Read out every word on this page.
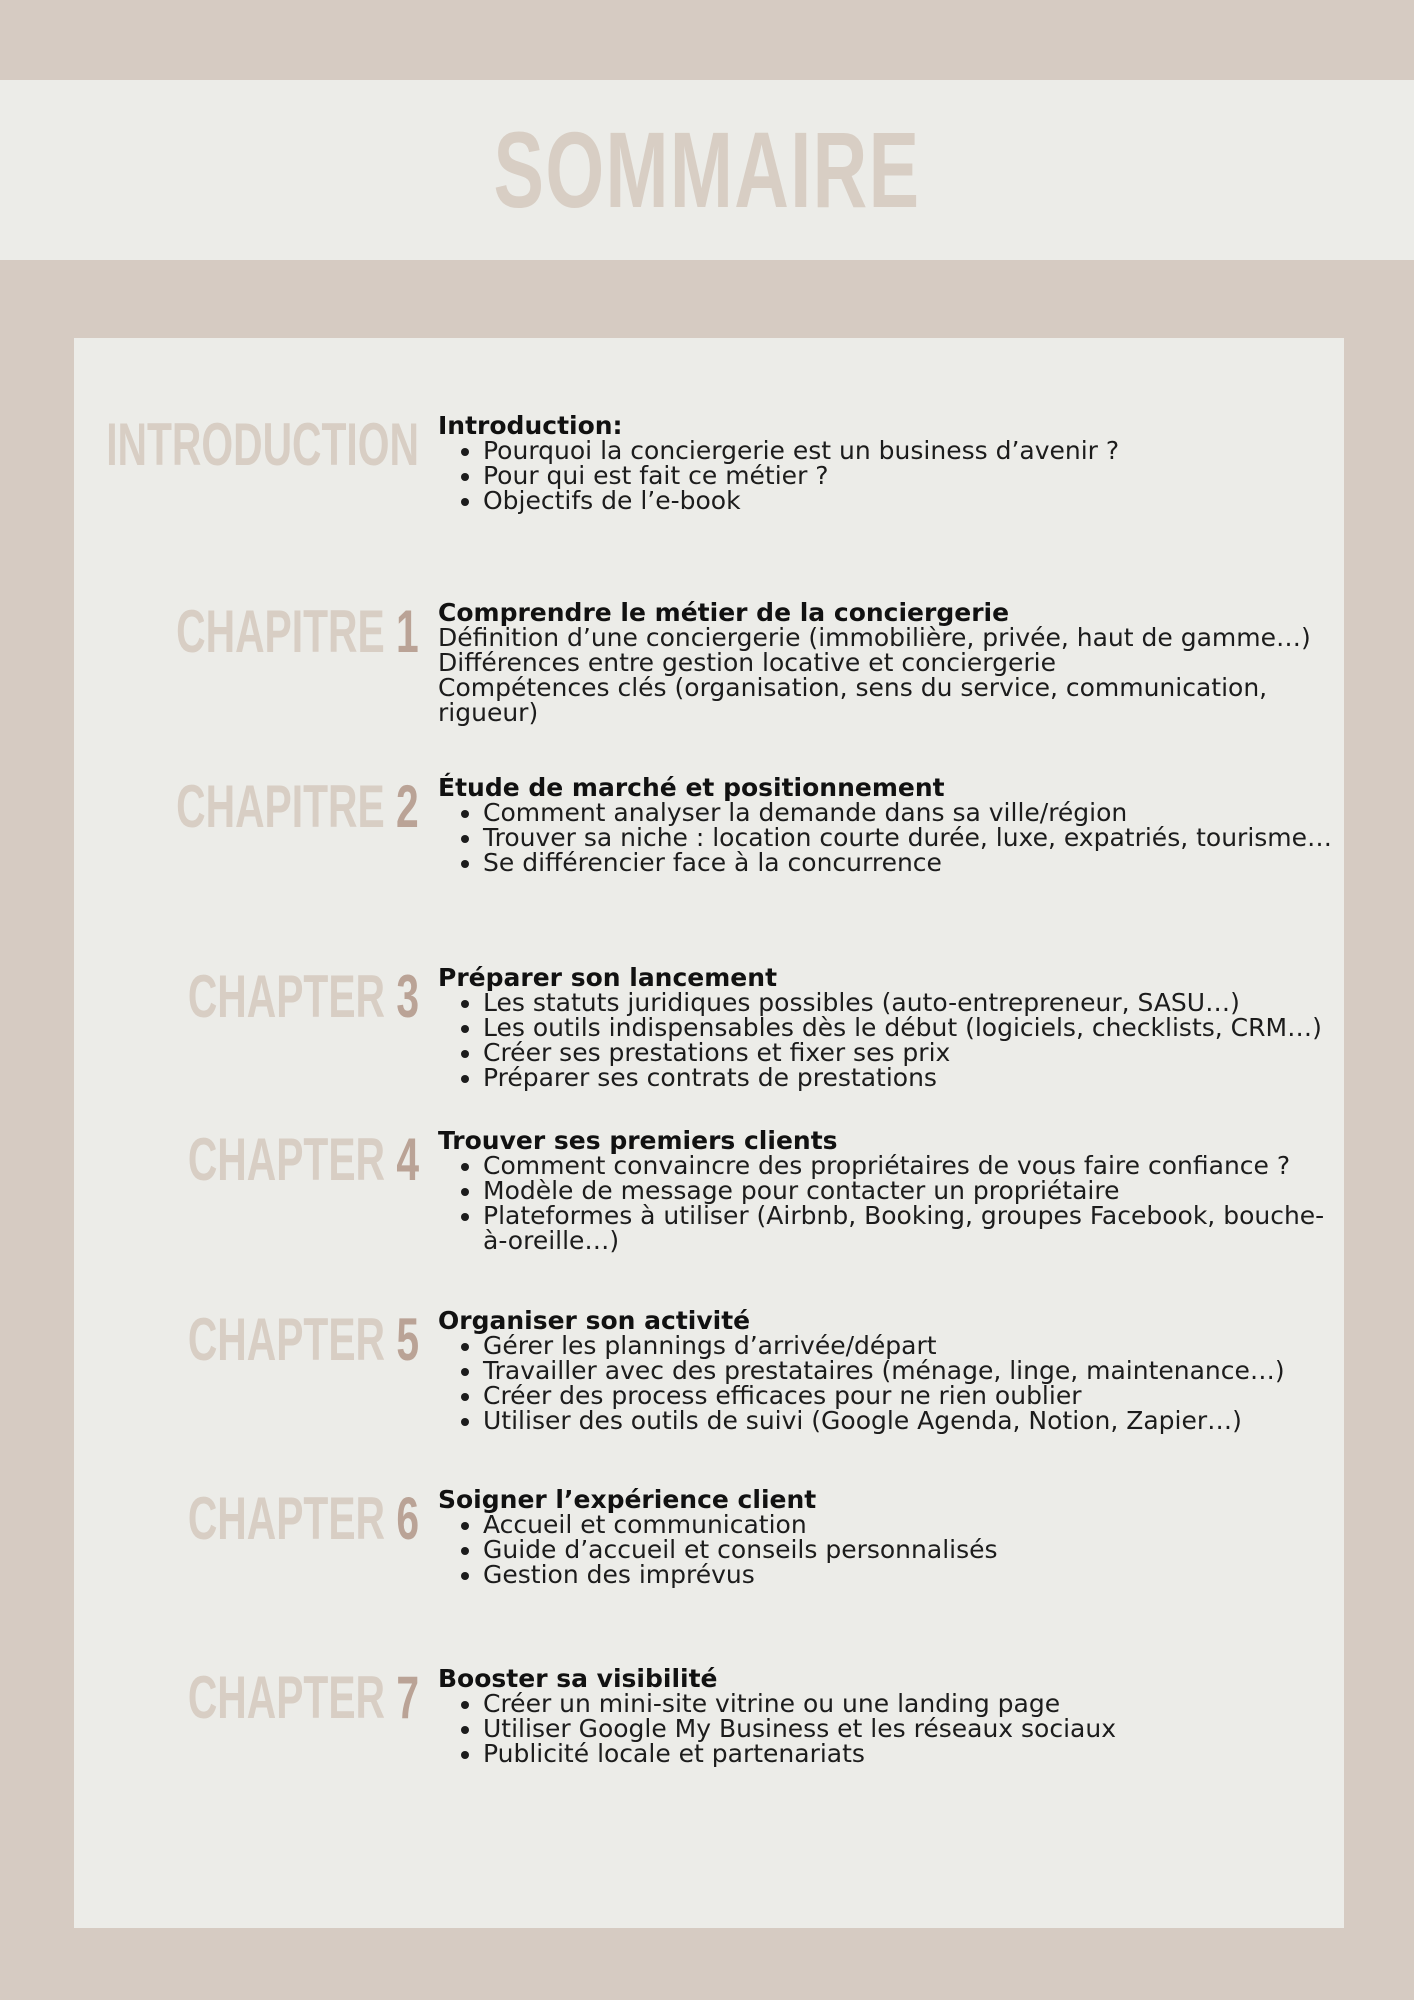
SOMMAIRE
INTRODUCTION Introduction:
• Pourquoi la conciergerie est un business d’avenir ?
• Pour qui est fait ce métier ?
• Objectifs de l’e-book
CHAPITRE 1 Comprendre le métier de la conciergerie
Définition d’une conciergerie (immobilière, privée, haut de gamme…)
Différences entre gestion locative et conciergerie
Compétences clés (organisation, sens du service, communication, rigueur)
CHAPITRE 2 Étude de marché et positionnement
• Comment analyser la demande dans sa ville/région
• Trouver sa niche : location courte durée, luxe, expatriés, tourisme…
• Se différencier face à la concurrence
CHAPTER 3 Préparer son lancement
• Les statuts juridiques possibles (auto-entrepreneur, SASU…)
• Les outils indispensables dès le début (logiciels, checklists, CRM…)
• Créer ses prestations et fixer ses prix
• Préparer ses contrats de prestations
CHAPTER 4 Trouver ses premiers clients
• Comment convaincre des propriétaires de vous faire confiance ?
• Modèle de message pour contacter un propriétaire
• Plateformes à utiliser (Airbnb, Booking, groupes Facebook, bouche-à-oreille…)
CHAPTER 5 Organiser son activité
• Gérer les plannings d’arrivée/départ
• Travailler avec des prestataires (ménage, linge, maintenance…)
• Créer des process efficaces pour ne rien oublier
• Utiliser des outils de suivi (Google Agenda, Notion, Zapier…)
CHAPTER 6 Soigner l’expérience client
• Accueil et communication
• Guide d’accueil et conseils personnalisés
• Gestion des imprévus
CHAPTER 7 Booster sa visibilité
• Créer un mini-site vitrine ou une landing page
• Utiliser Google My Business et les réseaux sociaux
• Publicité locale et partenariats
